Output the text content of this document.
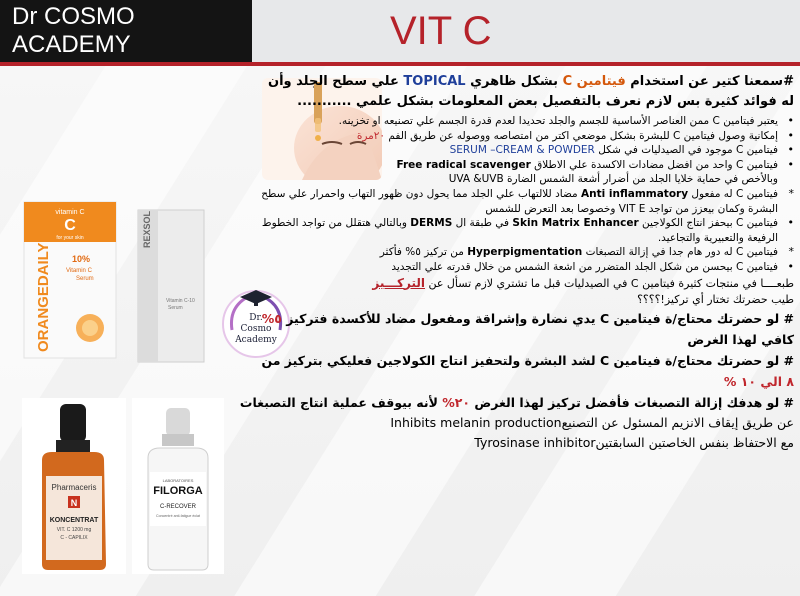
Dr COSMO ACADEMY	VIT C
vitamin C
C
for your skin
10%
Vitamin C
Serum
ORANGEDAILY
REXSOL
Vitamin C-10
Serum
Dr.
Cosmo
Academy
Pharmaceris
N
KONCENTRAT
VIT. C 1200 mg
C - CAPILIX
LABORATOIRES
FILORGA
C-RECOVER
Concentré anti-fatigue éclat

#سمعنا كتير عن استخدام فيتامين C بشكل ظاهري TOPICAL علي سطح الجلد وأن

له فوائد كثيرة بس لازم نعرف بالتفصيل بعض المعلومات بشكل علمي ...........

• يعتبر فيتامين C ممن العناصر الأساسية للجسم والجلد تحديدا لعدم قدرة الجسم علي تصنيعه او تخزينه.
• إمكانية وصول فيتامين C للبشرة بشكل موضعي اكتر من امتصاصه ووصوله عن طريق الفم ٢٠مرة
• فيتامين C موجود في الصيدليات في شكل SERUM –CREAM & POWDER
• فيتامين C واحد من افضل مضادات الاكسدة علي الاطلاق Free radical scavenger
وبالأخص في حماية خلايا الجلد من أضرار أشعة الشمس الضارة UVA &UVB
* فيتامين C له مفعول Anti inflammatory مضاد للالتهاب علي الجلد مما يحول دون ظهور التهاب واحمرار علي سطح البشرة وكمان بيعزز من تواجد VIT E وخصوصا بعد التعرض للشمس
• فيتامين C بيحفز انتاج الكولاجين Skin Matrix Enhancer في طبقة ال DERMS وبالتالي هتقلل من تواجد الخطوط الرفيعة والتعبيرية والتجاعيد.
* فيتامين C له دور هام جدا في إزالة التصبغات Hyperpigmentation من تركيز ٥% فأكثر
• فيتامين C بيحسن من شكل الجلد المتضرر من اشعة الشمس من خلال قدرته علي التجديد

طبعــــا في منتجات كثيرة فيتامين C في الصيدليات قبل ما تشتري لازم تسأل عن التركـــيز

طيب حضرتك تختار أي تركيز!؟؟؟؟

# لو حضرتك محتاج/ة فيتامين C يدي نضارة وإشراقة ومفعول مضاد للأكسدة فتركيز ٥%

كافي لهذا الغرض

# لو حضرتك محتاج/ة فيتامين C لشد البشرة ولتحفيز انتاج الكولاجين فعليكي بتركيز من

٨ الي ١٠ %

# لو هدفك إزالة التصبغات فأفضل تركيز لهذا الغرض ٢٠% لأنه بيوقف عملية انتاج التصبغات

عن طريق إيقاف الانزيم المسئول عن التصنيعInhibits melanin production

مع الاحتفاظ بنفس الخاصتين السابقتينTyrosinase inhibitor
